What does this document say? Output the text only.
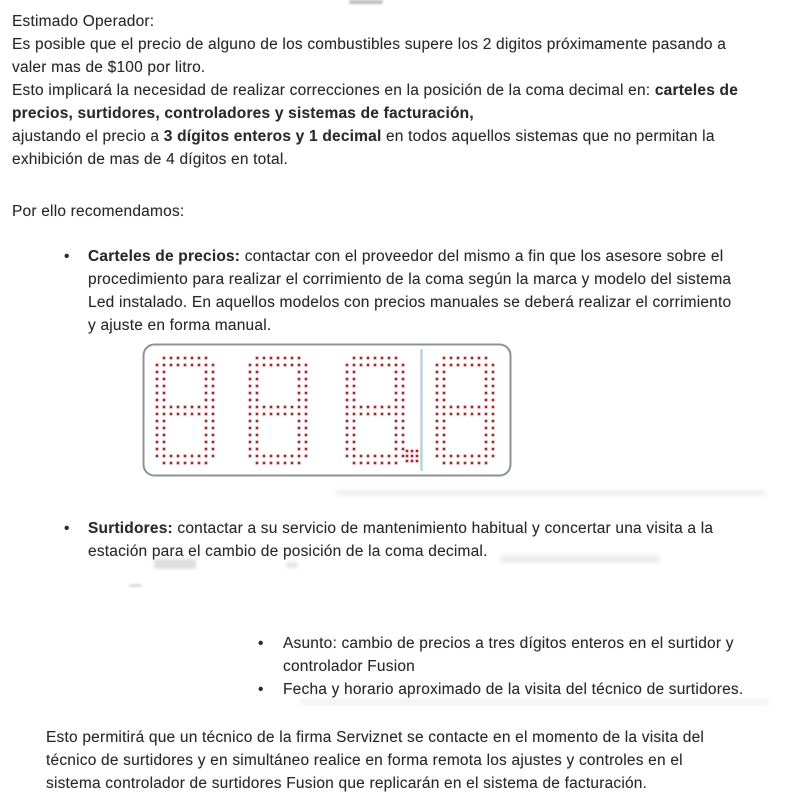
Estimado Operador:
Es posible que el precio de alguno de los combustibles supere los 2 digitos próximamente pasando a
valer mas de $100 por litro.
Esto implicará la necesidad de realizar correcciones en la posición de la coma decimal en: carteles de
precios, surtidores, controladores y sistemas de facturación,
ajustando el precio a 3 dígitos enteros y 1 decimal en todos aquellos sistemas que no permitan la
exhibición de mas de 4 dígitos en total.
Por ello recomendamos:
• Carteles de precios: contactar con el proveedor del mismo a fin que los asesore sobre el
procedimiento para realizar el corrimiento de la coma según la marca y modelo del sistema
Led instalado. En aquellos modelos con precios manuales se deberá realizar el corrimiento
y ajuste en forma manual.
• Surtidores: contactar a su servicio de mantenimiento habitual y concertar una visita a la
estación para el cambio de posición de la coma decimal.
• Asunto: cambio de precios a tres dígitos enteros en el surtidor y
controlador Fusion
• Fecha y horario aproximado de la visita del técnico de surtidores.
Esto permitirá que un técnico de la firma Serviznet se contacte en el momento de la visita del
técnico de surtidores y en simultáneo realice en forma remota los ajustes y controles en el
sistema controlador de surtidores Fusion que replicarán en el sistema de facturación.
